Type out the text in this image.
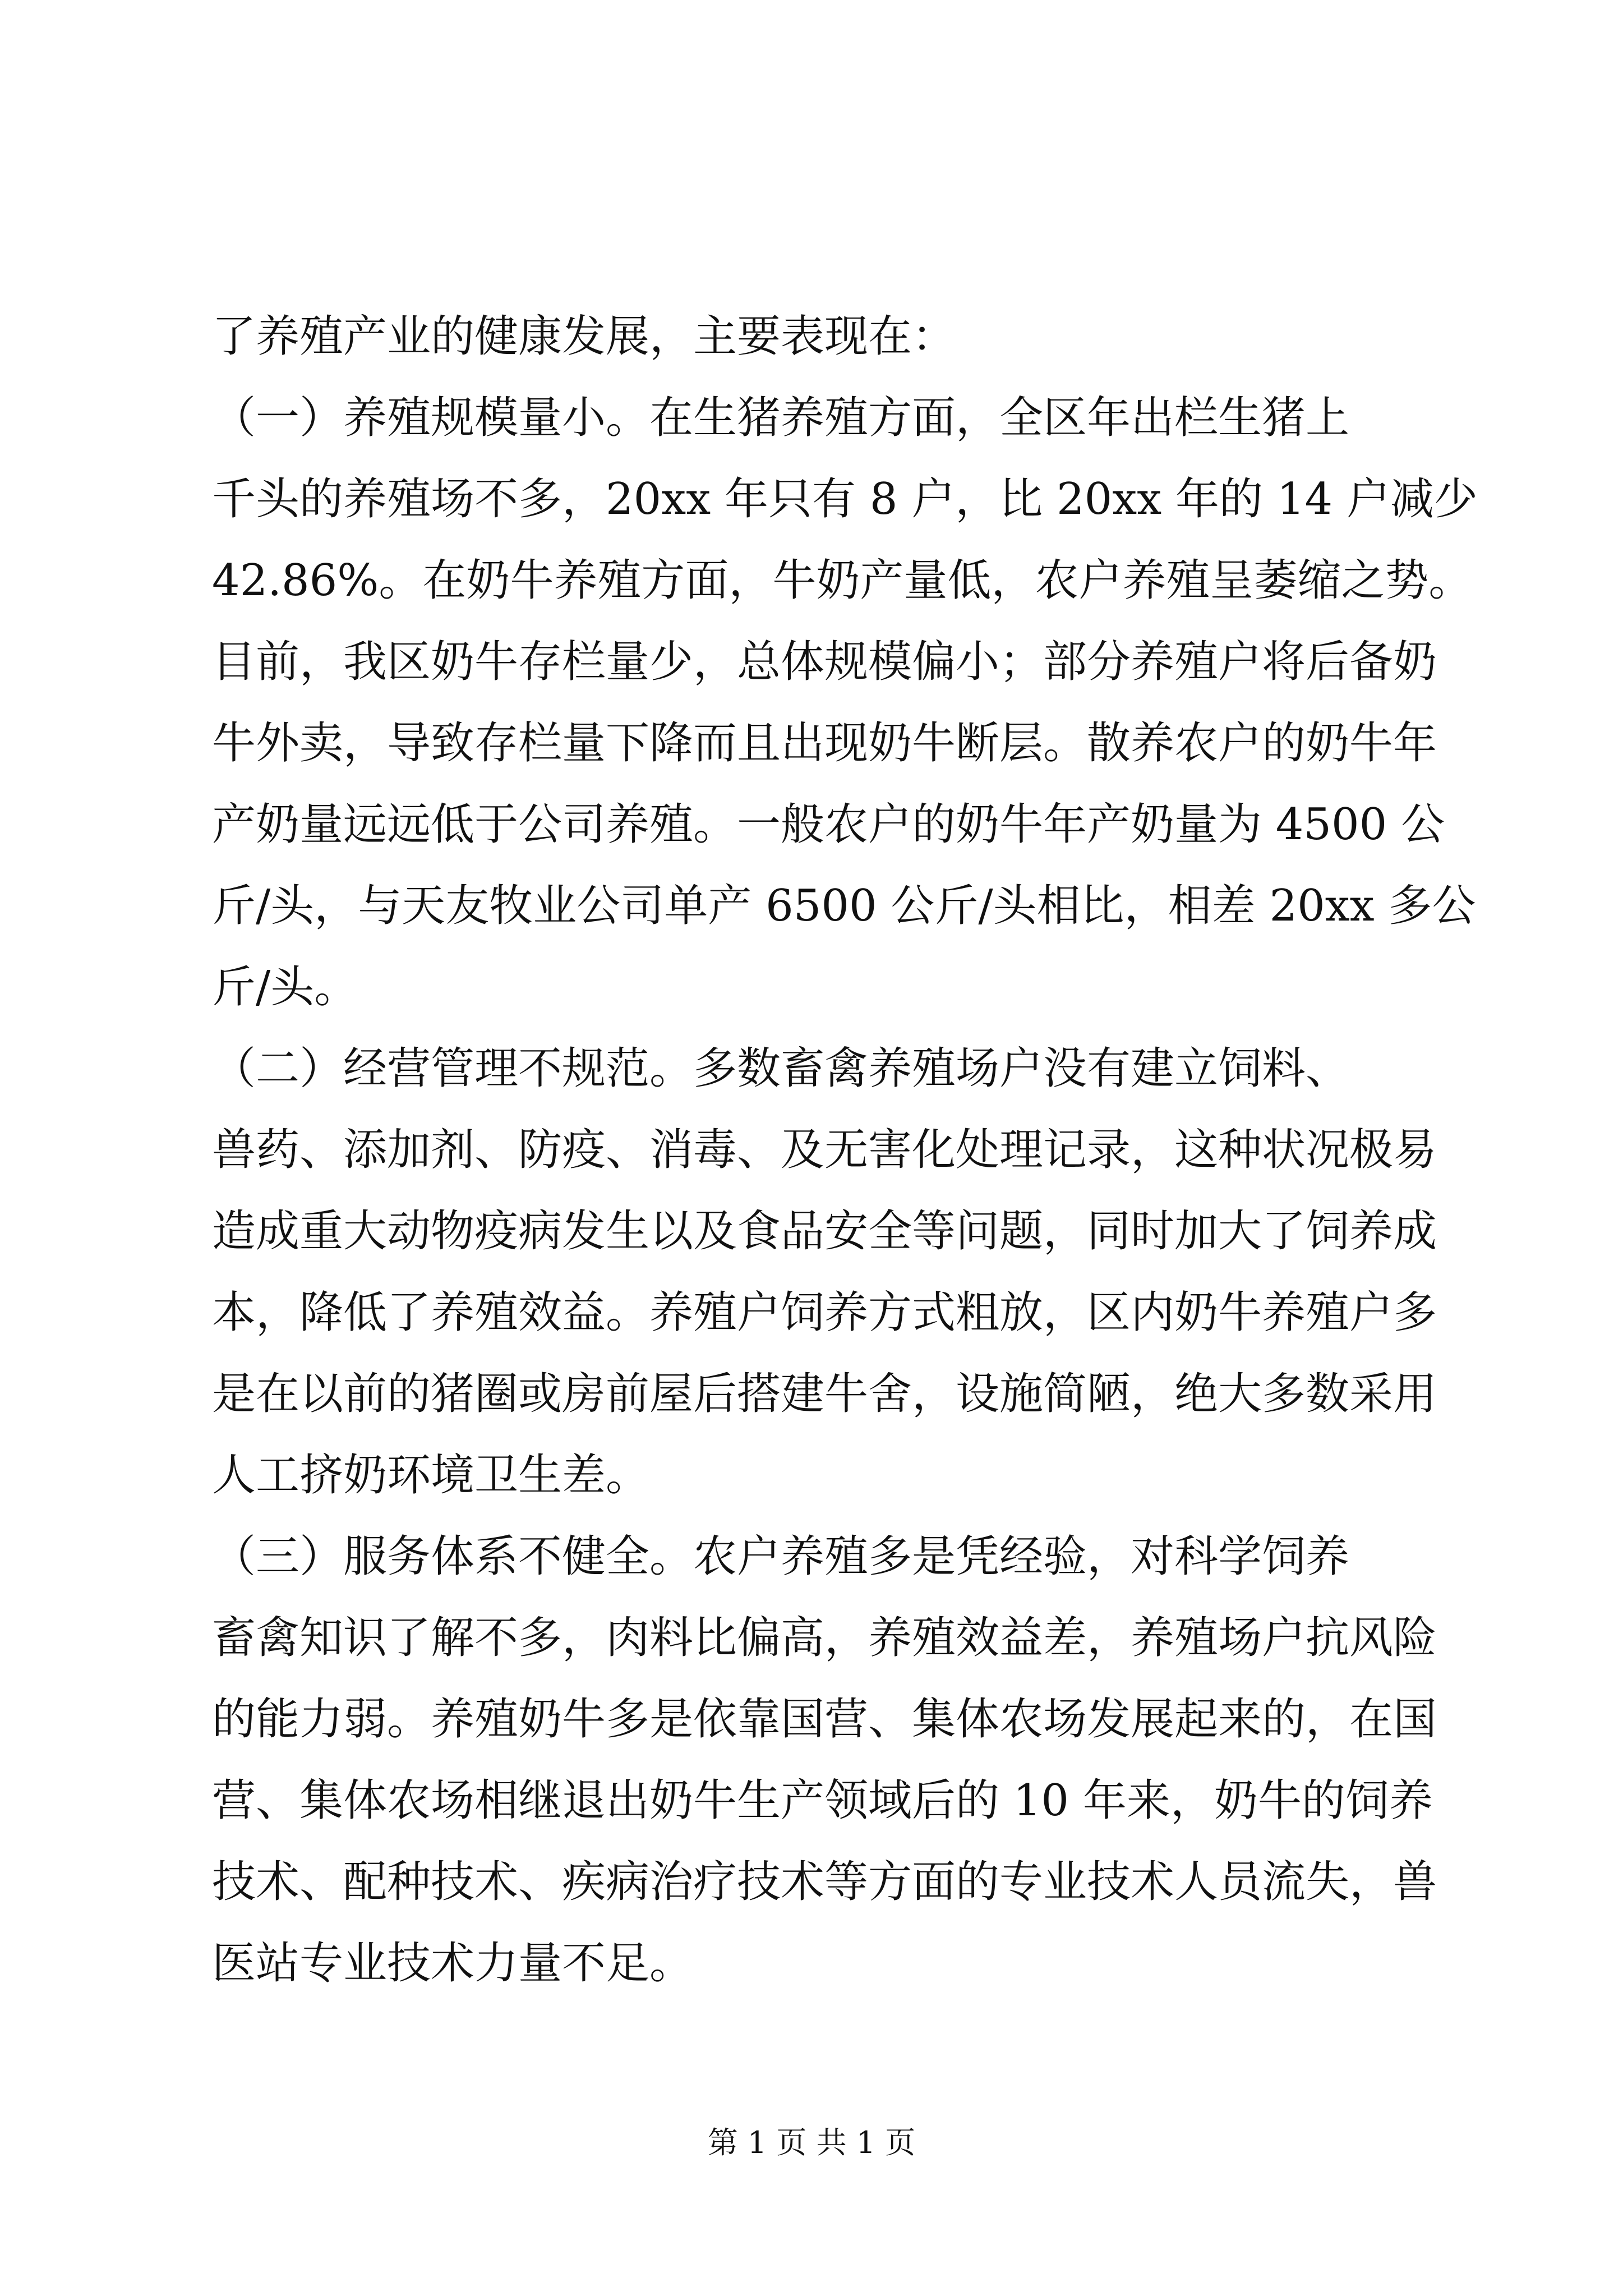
了养殖产业的健康发展，主要表现在：
（一）养殖规模量小。在生猪养殖方面，全区年出栏生猪上
千头的养殖场不多，20xx 年只有 8 户，比 20xx 年的 14 户减少
42.86%。在奶牛养殖方面，牛奶产量低，农户养殖呈萎缩之势。
目前，我区奶牛存栏量少，总体规模偏小；部分养殖户将后备奶
牛外卖，导致存栏量下降而且出现奶牛断层。散养农户的奶牛年
产奶量远远低于公司养殖。一般农户的奶牛年产奶量为 4500 公
斤/头，与天友牧业公司单产 6500 公斤/头相比，相差 20xx 多公
斤/头。
（二）经营管理不规范。多数畜禽养殖场户没有建立饲料、
兽药、添加剂、防疫、消毒、及无害化处理记录，这种状况极易
造成重大动物疫病发生以及食品安全等问题，同时加大了饲养成
本，降低了养殖效益。养殖户饲养方式粗放，区内奶牛养殖户多
是在以前的猪圈或房前屋后搭建牛舍，设施简陋，绝大多数采用
人工挤奶环境卫生差。
（三）服务体系不健全。农户养殖多是凭经验，对科学饲养
畜禽知识了解不多，肉料比偏高，养殖效益差，养殖场户抗风险
的能力弱。养殖奶牛多是依靠国营、集体农场发展起来的，在国
营、集体农场相继退出奶牛生产领域后的 10 年来，奶牛的饲养
技术、配种技术、疾病治疗技术等方面的专业技术人员流失，兽
医站专业技术力量不足。
第 1 页 共 1 页
